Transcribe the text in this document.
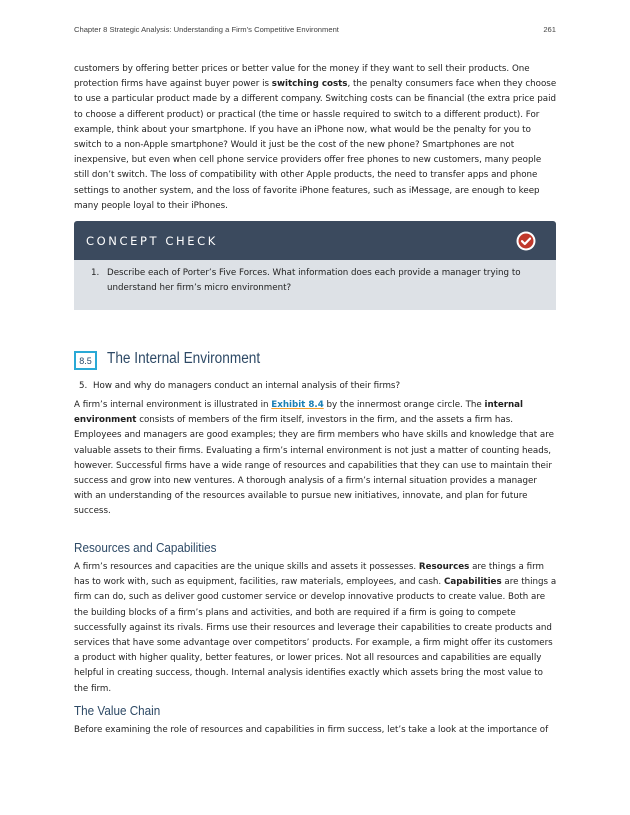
Chapter 8 Strategic Analysis: Understanding a Firm’s Competitive Environment	261
customers by offering better prices or better value for the money if they want to sell their products. One protection firms have against buyer power is switching costs, the penalty consumers face when they choose to use a particular product made by a different company. Switching costs can be financial (the extra price paid to choose a different product) or practical (the time or hassle required to switch to a different product). For example, think about your smartphone. If you have an iPhone now, what would be the penalty for you to switch to a non-Apple smartphone? Would it just be the cost of the new phone? Smartphones are not inexpensive, but even when cell phone service providers offer free phones to new customers, many people still don’t switch. The loss of compatibility with other Apple products, the need to transfer apps and phone settings to another system, and the loss of favorite iPhone features, such as iMessage, are enough to keep many people loyal to their iPhones.
CONCEPT CHECK
1. Describe each of Porter’s Five Forces. What information does each provide a manager trying to understand her firm’s micro environment?
8.5 The Internal Environment
5. How and why do managers conduct an internal analysis of their firms?
A firm’s internal environment is illustrated in Exhibit 8.4 by the innermost orange circle. The internal environment consists of members of the firm itself, investors in the firm, and the assets a firm has. Employees and managers are good examples; they are firm members who have skills and knowledge that are valuable assets to their firms. Evaluating a firm’s internal environment is not just a matter of counting heads, however. Successful firms have a wide range of resources and capabilities that they can use to maintain their success and grow into new ventures. A thorough analysis of a firm’s internal situation provides a manager with an understanding of the resources available to pursue new initiatives, innovate, and plan for future success.
Resources and Capabilities
A firm’s resources and capacities are the unique skills and assets it possesses. Resources are things a firm has to work with, such as equipment, facilities, raw materials, employees, and cash. Capabilities are things a firm can do, such as deliver good customer service or develop innovative products to create value. Both are the building blocks of a firm’s plans and activities, and both are required if a firm is going to compete successfully against its rivals. Firms use their resources and leverage their capabilities to create products and services that have some advantage over competitors’ products. For example, a firm might offer its customers a product with higher quality, better features, or lower prices. Not all resources and capabilities are equally helpful in creating success, though. Internal analysis identifies exactly which assets bring the most value to the firm.
The Value Chain
Before examining the role of resources and capabilities in firm success, let’s take a look at the importance of
